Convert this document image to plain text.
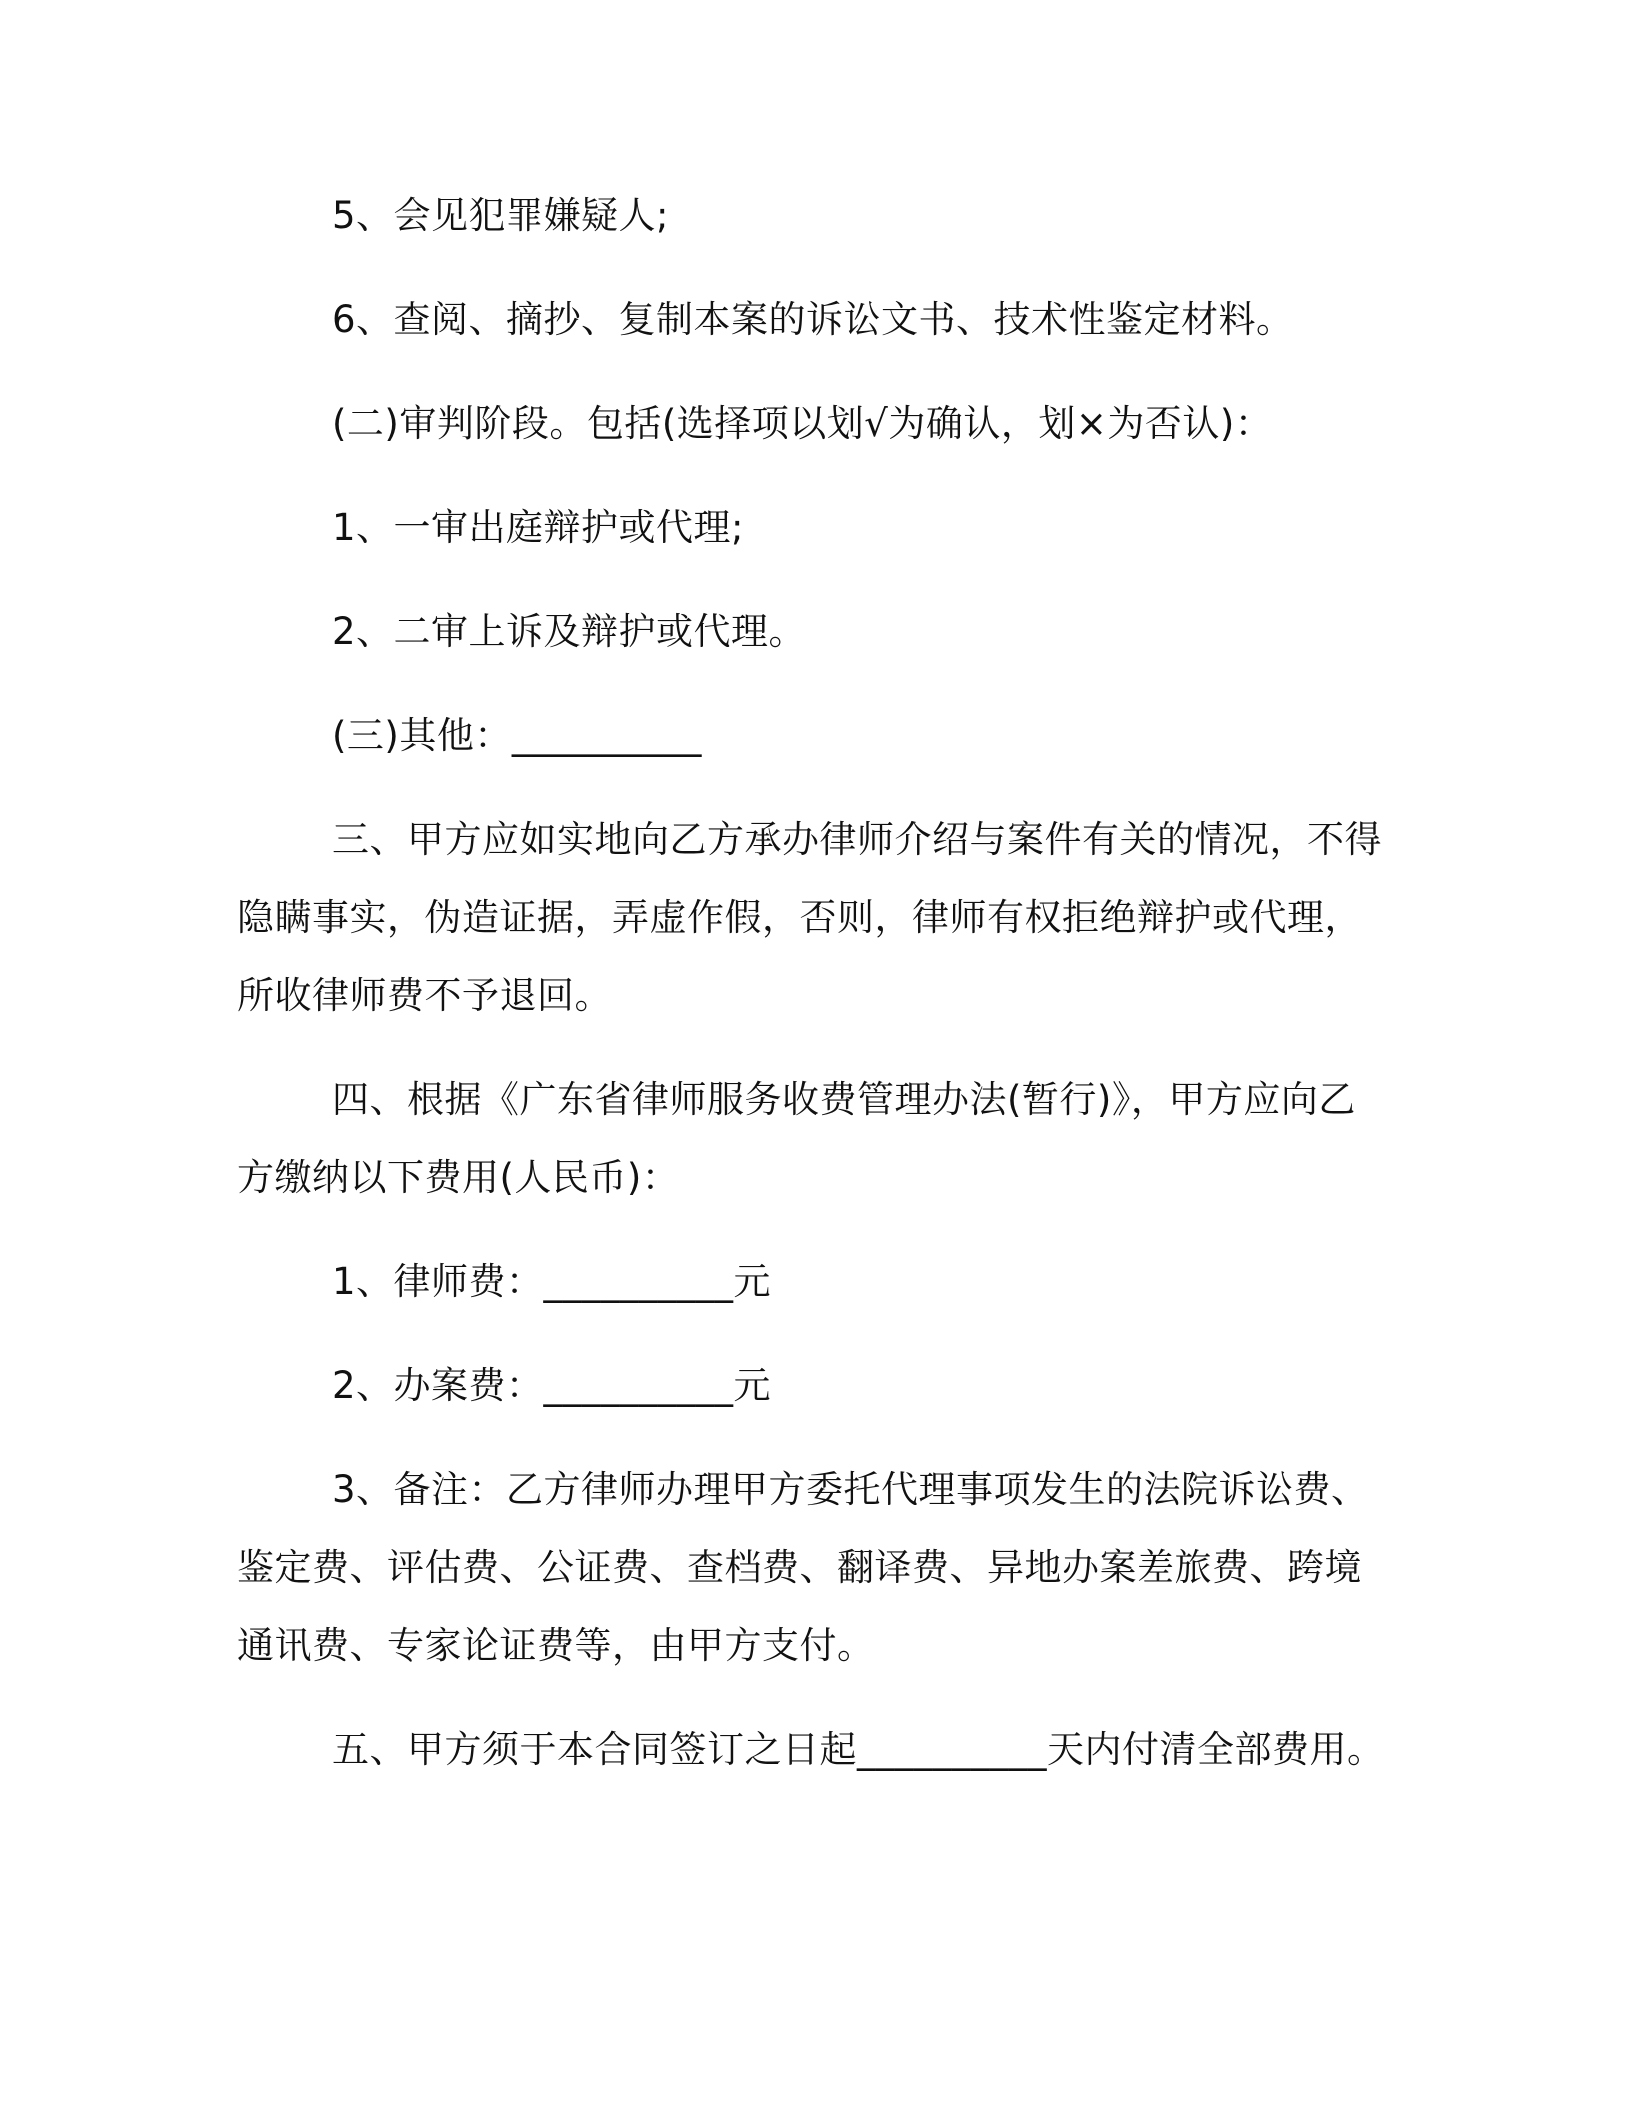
5、会见犯罪嫌疑人;
6、查阅、摘抄、复制本案的诉讼文书、技术性鉴定材料。
(二)审判阶段。包括(选择项以划√为确认，划×为否认)：
1、一审出庭辩护或代理;
2、二审上诉及辩护或代理。
(三)其他：__________
三、甲方应如实地向乙方承办律师介绍与案件有关的情况，不得
隐瞒事实，伪造证据，弄虚作假，否则，律师有权拒绝辩护或代理，
所收律师费不予退回。
四、根据《广东省律师服务收费管理办法(暂行)》，甲方应向乙
方缴纳以下费用(人民币)：
1、律师费：__________元
2、办案费：__________元
3、备注：乙方律师办理甲方委托代理事项发生的法院诉讼费、
鉴定费、评估费、公证费、查档费、翻译费、异地办案差旅费、跨境
通讯费、专家论证费等，由甲方支付。
五、甲方须于本合同签订之日起__________天内付清全部费用。
